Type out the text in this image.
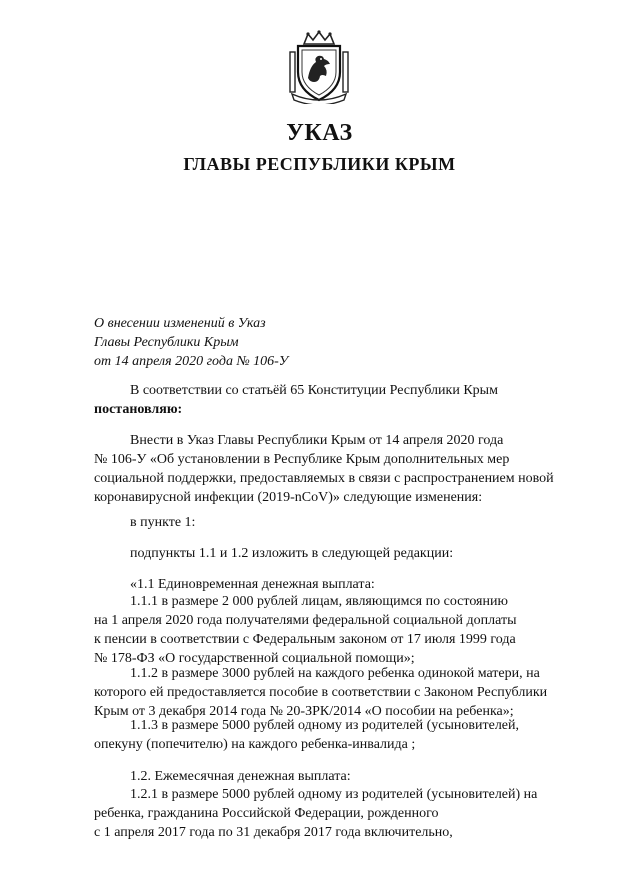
УКАЗ
ГЛАВЫ РЕСПУБЛИКИ КРЫМ
О внесении изменений в Указ
Главы Республики Крым
от 14 апреля 2020 года № 106-У
В соответствии со статьёй 65 Конституции Республики Крым
постановляю:
Внести в Указ Главы Республики Крым от 14 апреля 2020 года
№ 106-У «Об установлении в Республике Крым дополнительных мер
социальной поддержки, предоставляемых в связи с распространением новой
коронавирусной инфекции (2019-nCoV)» следующие изменения:
в пункте 1:
подпункты 1.1 и 1.2 изложить в следующей редакции:
«1.1 Единовременная денежная выплата:
1.1.1 в размере 2 000 рублей лицам, являющимся по состоянию
на 1 апреля 2020 года получателями федеральной социальной доплаты
к пенсии в соответствии с Федеральным законом от 17 июля 1999 года
№ 178-ФЗ «О государственной социальной помощи»;
1.1.2 в размере 3000 рублей на каждого ребенка одинокой матери, на
которого ей предоставляется пособие в соответствии с Законом Республики
Крым от 3 декабря 2014 года № 20-ЗРК/2014 «О пособии на ребенка»;
1.1.3 в размере 5000 рублей одному из родителей (усыновителей,
опекуну (попечителю) на каждого ребенка-инвалида ;
1.2. Ежемесячная денежная выплата:
1.2.1 в размере 5000 рублей одному из родителей (усыновителей) на
ребенка, гражданина Российской Федерации, рожденного
с 1 апреля 2017 года по 31 декабря 2017 года включительно,
